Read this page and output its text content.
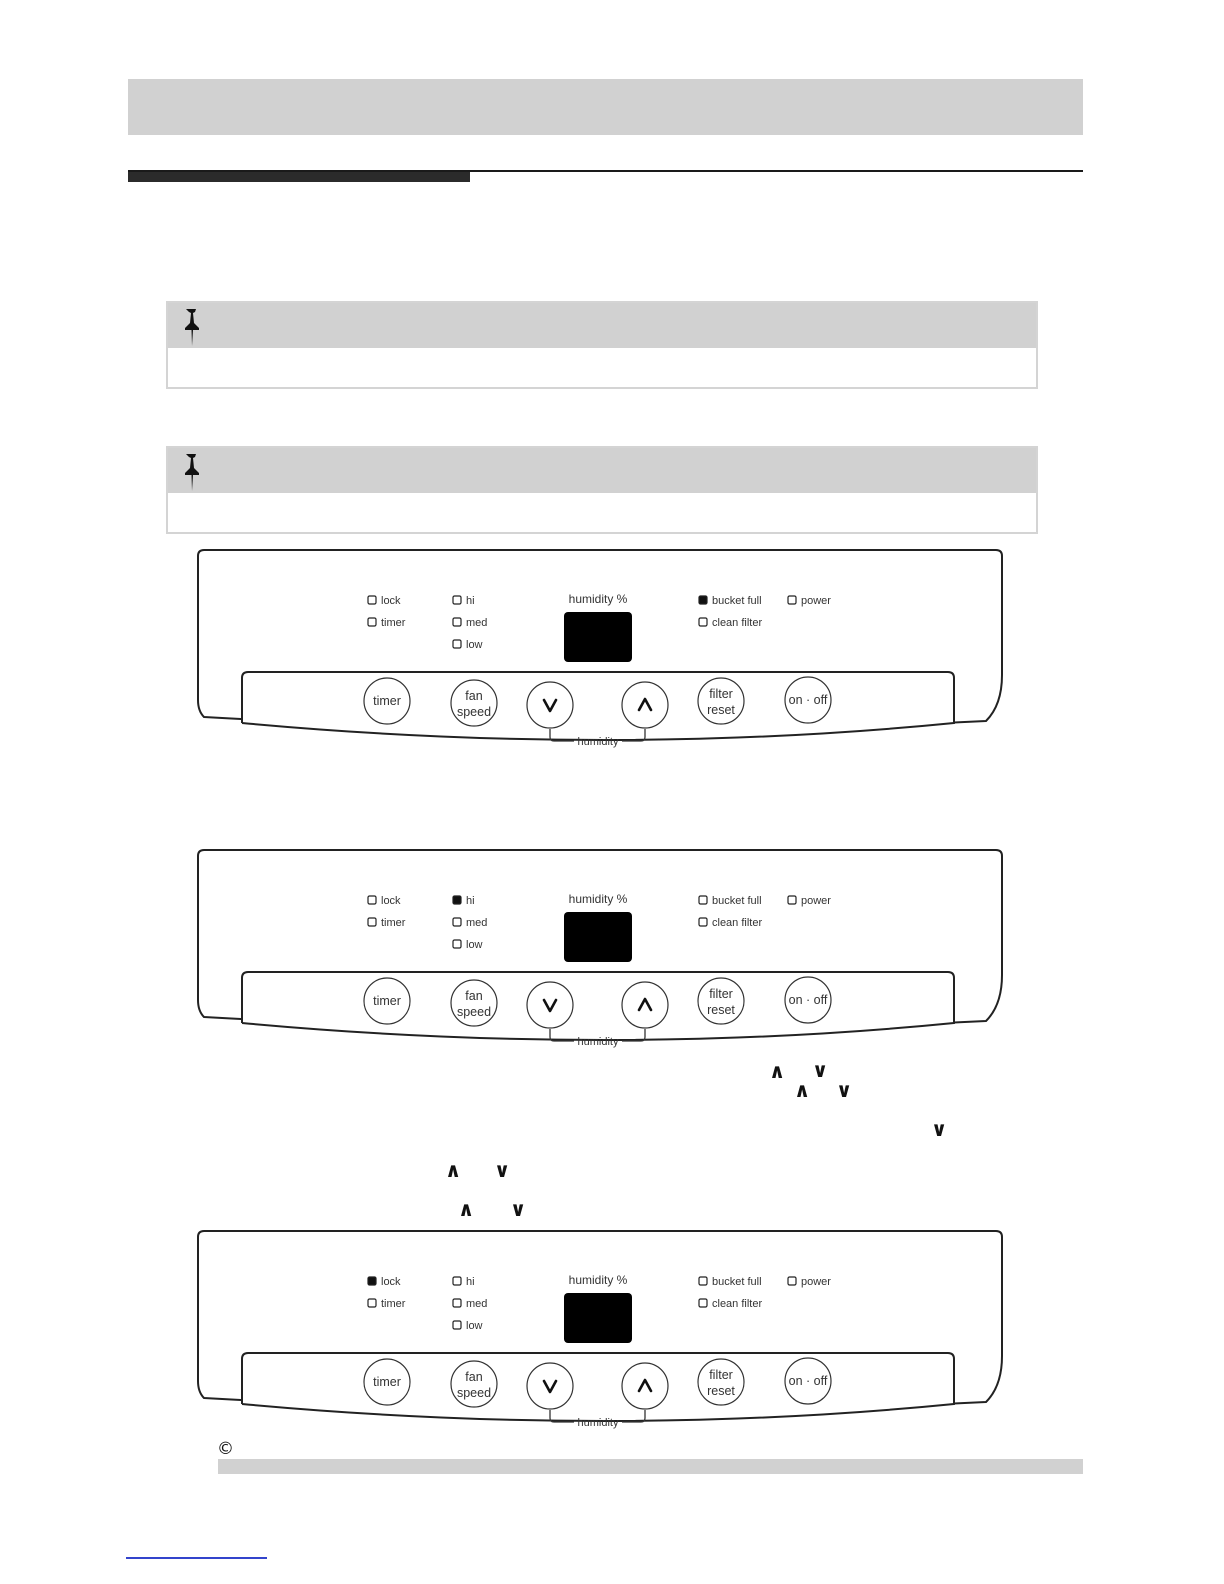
lock
timer
hi
med
low
bucket full
clean filter
power
humidity %
timer	fan
speed
filter
reset
on · off
humidity
lock
timer
hi
med
low
bucket full
clean filter
power
humidity %
timer	fan
speed
filter
reset
on · off
humidity
lock
timer
hi
med
low
bucket full
clean filter
power
humidity %
timer	fan
speed
filter
reset
on · off
humidity
∧ ∨
∧ ∨
∨
∧ ∨
∧ ∨
©
